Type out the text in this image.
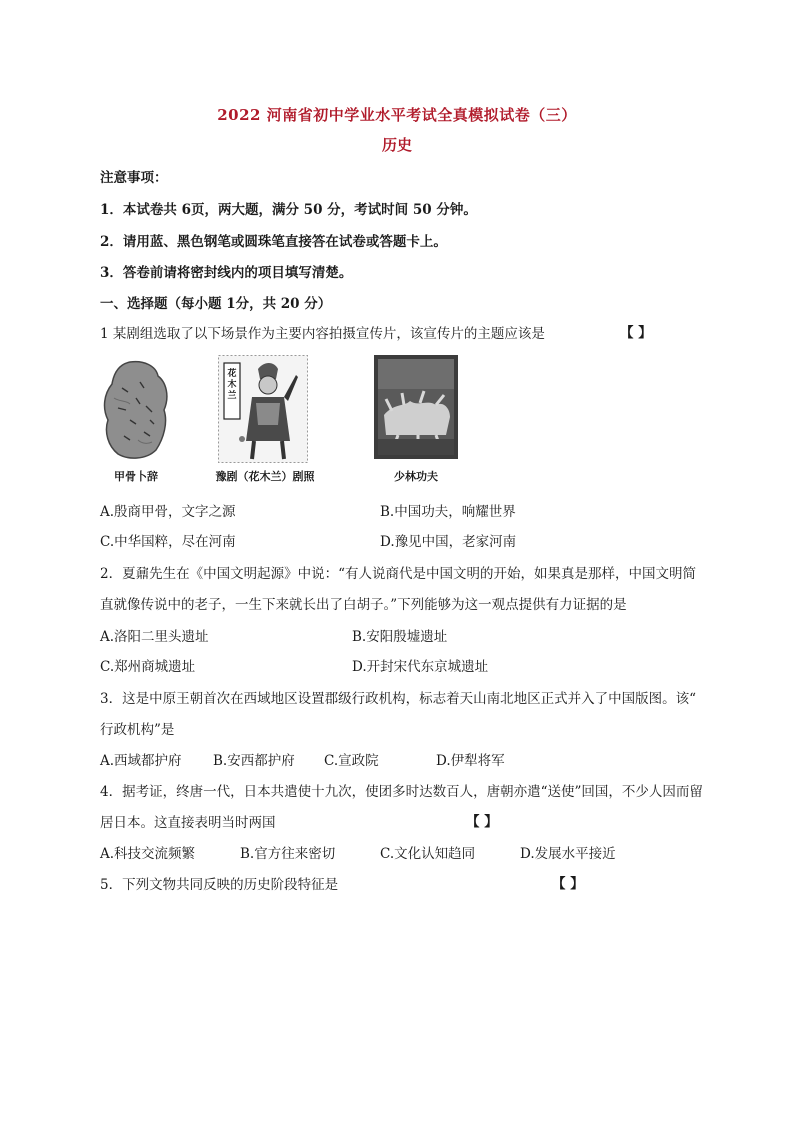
2022 河南省初中学业水平考试全真模拟试卷（三）
历史
注意事项：
1．本试卷共 6页，两大题，满分 50 分，考试时间 50 分钟。
2．请用蓝、黑色钢笔或圆珠笔直接答在试卷或答题卡上。
3．答卷前请将密封线内的项目填写清楚。
一、选择题（每小题 1分，共 20 分）
1 某剧组选取了以下场景作为主要内容拍摄宣传片，该宣传片的主题应该是	【 】
甲骨卜辞
花木兰
豫剧（花木兰）剧照	少林功夫
A.殷商甲骨，文字之源	B.中国功夫，响耀世界
C.中华国粹，尽在河南	D.豫见中国，老家河南
2．夏鼐先生在《中国文明起源》中说：“有人说商代是中国文明的开始，如果真是那样，中国文明简
直就像传说中的老子，一生下来就长出了白胡子。”下列能够为这一观点提供有力证据的是
A.洛阳二里头遗址	B.安阳殷墟遗址
C.郑州商城遗址	D.开封宋代东京城遗址
3．这是中原王朝首次在西域地区设置郡级行政机构，标志着天山南北地区正式并入了中国版图。该“
行政机构”是
A.西域都护府 B.安西都护府 C.宣政院	D.伊犁将军
4．据考证，终唐一代，日本共遣使十九次，使团多时达数百人，唐朝亦遣“送使”回国，不少人因而留
居日本。这直接表明当时两国	【 】
A.科技交流频繁	B.官方往来密切	C.文化认知趋同	D.发展水平接近
5．下列文物共同反映的历史阶段特征是	【 】
